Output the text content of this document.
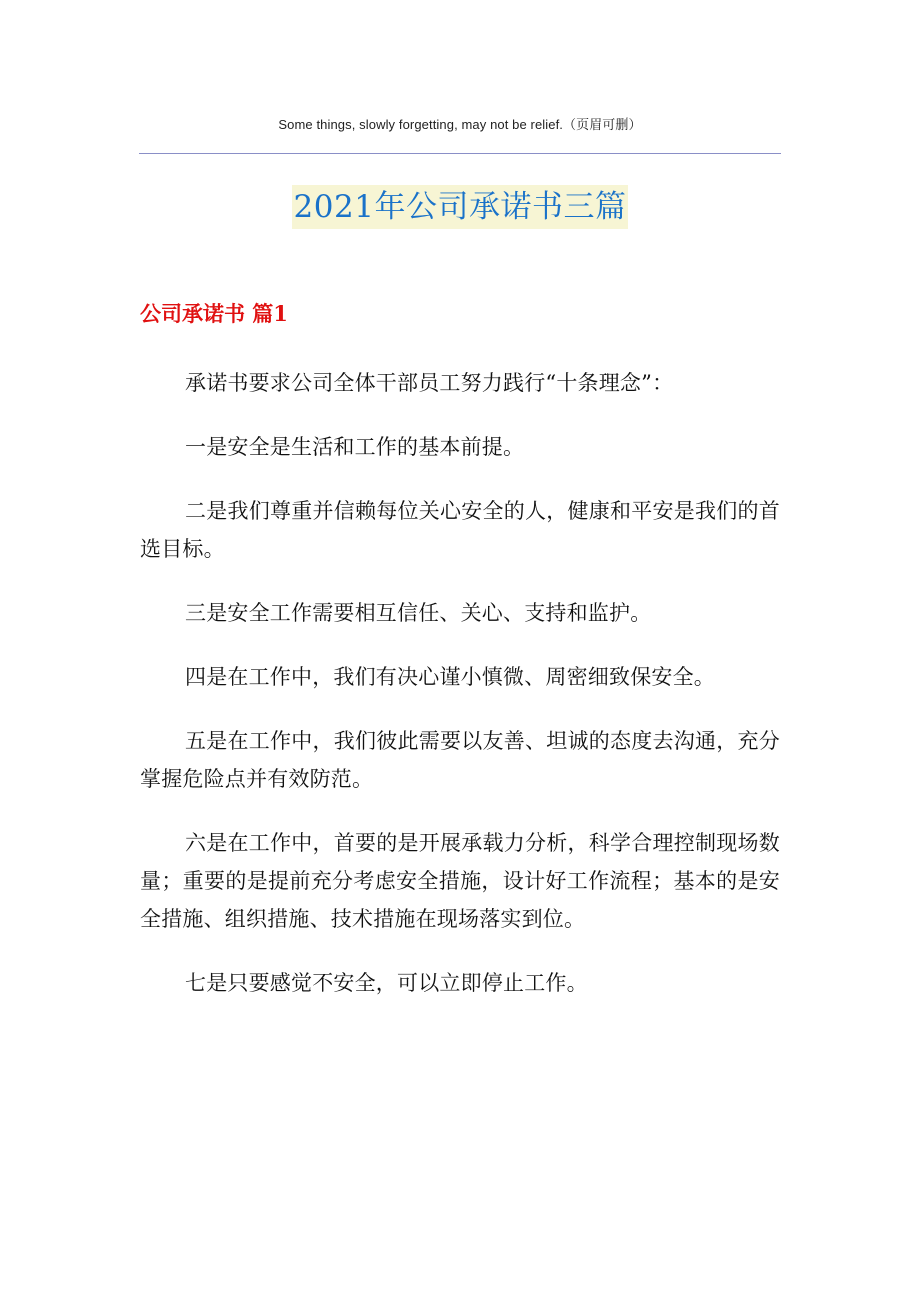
Some things, slowly forgetting, may not be relief.（页眉可删）
2021年公司承诺书三篇
公司承诺书 篇1

承诺书要求公司全体干部员工努力践行“十条理念”：

一是安全是生活和工作的基本前提。

二是我们尊重并信赖每位关心安全的人，健康和平安是我们的首选目标。

三是安全工作需要相互信任、关心、支持和监护。

四是在工作中，我们有决心谨小慎微、周密细致保安全。

五是在工作中，我们彼此需要以友善、坦诚的态度去沟通，充分掌握危险点并有效防范。

六是在工作中，首要的是开展承载力分析，科学合理控制现场数量；重要的是提前充分考虑安全措施，设计好工作流程；基本的是安全措施、组织措施、技术措施在现场落实到位。

七是只要感觉不安全，可以立即停止工作。
